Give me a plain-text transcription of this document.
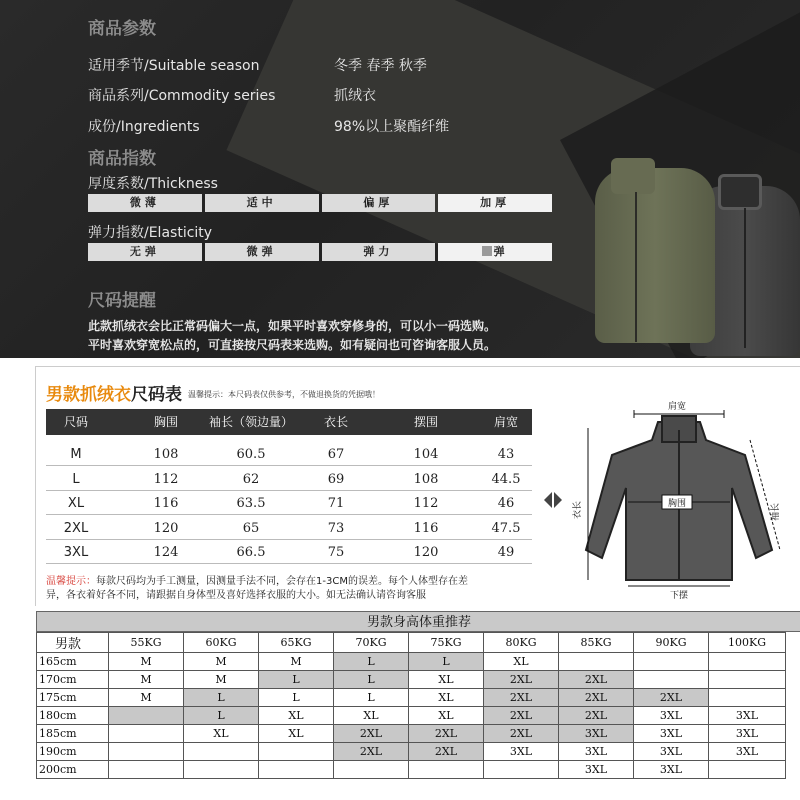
商品参数
适用季节/Suitable season	冬季 春季 秋季
商品系列/Commodity series	抓绒衣
成份/Ingredients	98%以上聚酯纤维
商品指数
厚度系数/Thickness
微薄	适中	偏厚	加厚
弹力指数/Elasticity
无弹	微弹	弹力	弹
尺码提醒
此款抓绒衣会比正常码偏大一点，如果平时喜欢穿修身的，可以小一码选购。
平时喜欢穿宽松点的，可直接按尺码表来选购。如有疑问也可咨询客服人员。
男款抓绒衣尺码表 温馨提示：本尺码表仅供参考，不做退换货的凭据哦！
尺码	胸围	袖长（领边量）	衣长	摆围	肩宽
M	108	60.5	67	104	43
L	112	62	69	108	44.5
XL	116	63.5	71	112	46
2XL	120	65	73	116	47.5
3XL	124	66.5	75	120	49
温馨提示：每款尺码均为手工测量，因测量手法不同，会存在1-3CM的误差。每个人体型存在差
异，各衣着好各不同，请跟据自身体型及喜好选择衣服的大小。如无法确认请咨询客服
肩宽
胸围
下摆
衣长	袖长
男款身高体重推荐
男款	55KG	60KG	65KG	70KG	75KG	80KG	85KG	90KG	100KG
165cm	M	M	M	L	L	XL			
170cm	M	M	L	L	XL	2XL	2XL		
175cm	M	L	L	L	XL	2XL	2XL	2XL	
180cm		L	XL	XL	XL	2XL	2XL	3XL	3XL
185cm		XL	XL	2XL	2XL	2XL	3XL	3XL	3XL
190cm				2XL	2XL	3XL	3XL	3XL	3XL
200cm							3XL	3XL	
